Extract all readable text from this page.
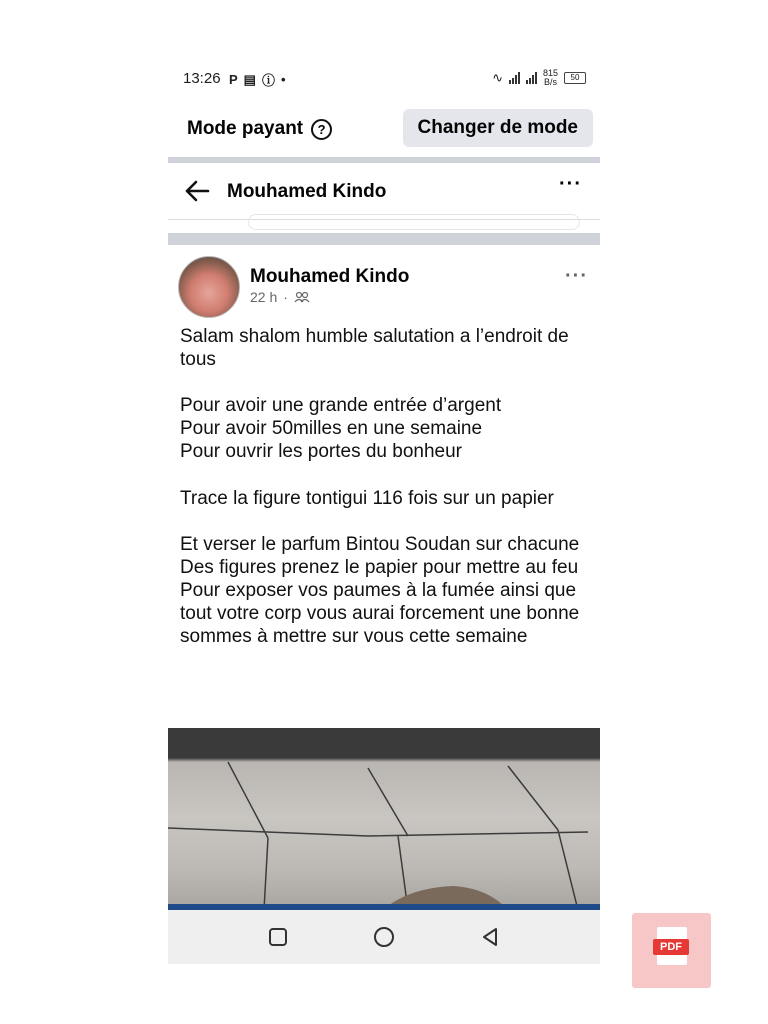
13:26 P ▤ ⓘ •	∿	815
B/s	50
Mode payant	?	Changer de mode
Mouhamed Kindo	···
Mouhamed Kindo
22 h ·
···

Salam shalom humble salutation a l’endroit de tous

Pour avoir une grande entrée d’argent
Pour avoir 50milles en une semaine
Pour ouvrir les portes du bonheur

Trace la figure tontigui 116 fois sur un papier

Et verser le parfum Bintou Soudan sur chacune
Des figures prenez le papier pour mettre au feu
Pour exposer vos paumes à la fumée ainsi que tout votre corp vous aurai forcement une bonne sommes à mettre sur vous cette semaine

PDF
